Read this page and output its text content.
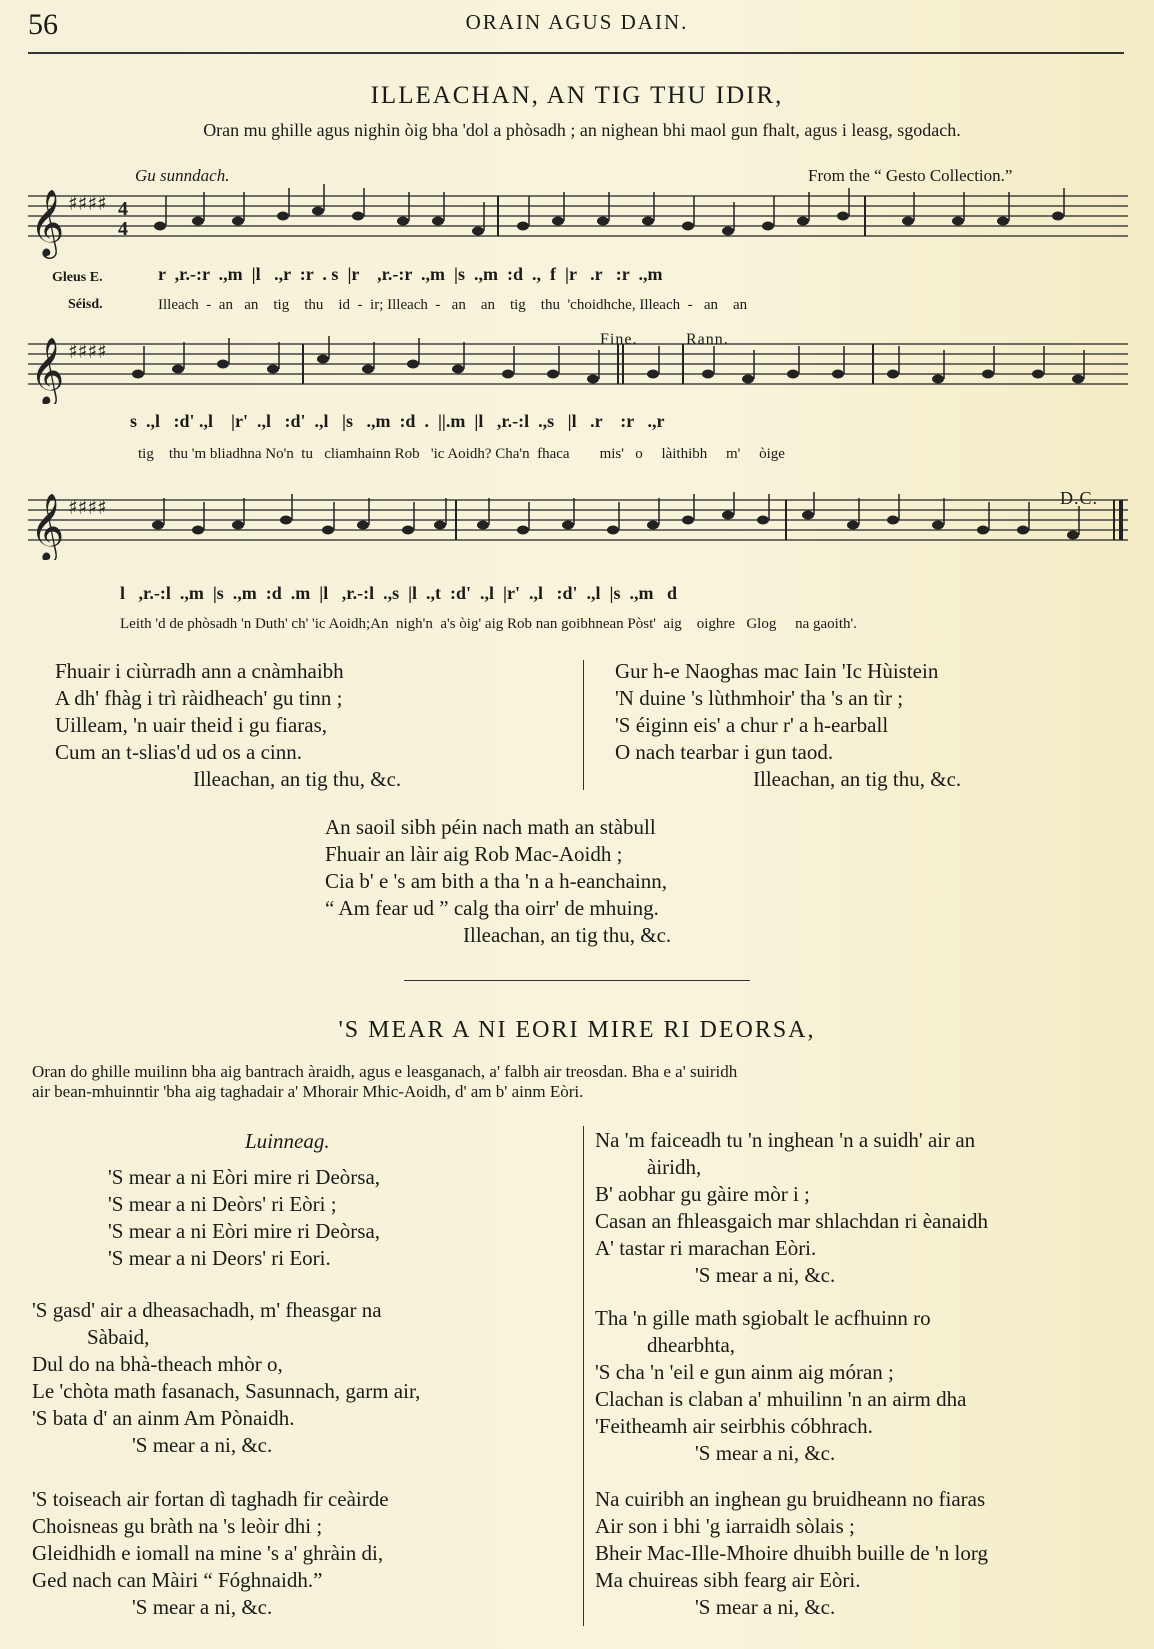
56	ORAIN AGUS DAIN.
ILLEACHAN, AN TIG THU IDIR,
Oran mu ghille agus nighin òig bha 'dol a phòsadh ; an nighean bhi maol gun fhalt, agus i leasg, sgodach.
Gu sunndach.	From the “ Gesto Collection.”
𝄞 ♯♯♯♯ 4
4
Gleus E.
Séisd.
r  ,r.-:r  .,m  |l   .,r  :r  . s  |r    ,r.-:r  .,m  |s  .,m  :d  .,  f  |r   .r   :r  .,m
Illeach  -  an   an    tig    thu    id  -  ir; Illeach  -   an    an    tig    thu  'choidhche, Illeach  -   an    an
Fine.	Rann.
𝄞 ♯♯♯♯
s  .,l   :d' .,l    |r'  .,l   :d'  .,l   |s   .,m  :d  .  ||.m  |l   ,r.-:l  .,s   |l   .r    :r   .,r
tig    thu 'm bliadhna No'n  tu   cliamhainn Rob   'ic Aoidh? Cha'n  fhaca        mis'   o     làithibh     m'     òige
D.C.
𝄞 ♯♯♯♯
l   ,r.-:l  .,m  |s  .,m  :d  .m  |l   ,r.-:l  .,s  |l  .,t  :d'  .,l  |r'  .,l   :d'  .,l  |s  .,m   d
Leith 'd de phòsadh 'n Duth' ch' 'ic Aoidh;An  nigh'n  a's òig' aig Rob nan goibhnean Pòst'  aig    oighre   Glog     na gaoith'.
Fhuair i ciùrradh ann a cnàmhaibh
A dh' fhàg i trì ràidheach' gu tinn ;
Uilleam, 'n uair theid i gu fiaras,
Cum an t-slias'd ud os a cinn.
Illeachan, an tig thu, &c.
Gur h-e Naoghas mac Iain 'Ic Hùistein
'N duine 's lùthmhoir' tha 's an tìr ;
'S éiginn eis' a chur r' a h-earball
O nach tearbar i gun taod.
Illeachan, an tig thu, &c.
An saoil sibh péin nach math an stàbull
Fhuair an làir aig Rob Mac-Aoidh ;
Cia b' e 's am bith a tha 'n a h-eanchainn,
“ Am fear ud ” calg tha oirr' de mhuing.
Illeachan, an tig thu, &c.
'S MEAR A NI EORI MIRE RI DEORSA,
Oran do ghille muilinn bha aig bantrach àraidh, agus e leasganach, a' falbh air treosdan. Bha e a' suiridh
air bean-mhuinntir 'bha aig taghadair a' Mhorair Mhic-Aoidh, d' am b' ainm Eòri.
Luinneag.
'S mear a ni Eòri mire ri Deòrsa,
'S mear a ni Deòrs' ri Eòri ;
'S mear a ni Eòri mire ri Deòrsa,
'S mear a ni Deors' ri Eori.
'S gasd' air a dheasachadh, m' fheasgar na
Sàbaid,
Dul do na bhà-theach mhòr o,
Le 'chòta math fasanach, Sasunnach, garm air,
'S bata d' an ainm Am Pònaidh.
'S mear a ni, &c.
'S toiseach air fortan dì taghadh fir ceàirde
Choisneas gu bràth na 's leòir dhi ;
Gleidhidh e iomall na mine 's a' ghràin di,
Ged nach can Màiri “ Fóghnaidh.”
'S mear a ni, &c.
Na 'm faiceadh tu 'n inghean 'n a suidh' air an
àiridh,
B' aobhar gu gàire mòr i ;
Casan an fhleasgaich mar shlachdan ri èanaidh
A' tastar ri marachan Eòri.
'S mear a ni, &c.
Tha 'n gille math sgiobalt le acfhuinn ro
dhearbhta,
'S cha 'n 'eil e gun ainm aig móran ;
Clachan is claban a' mhuilinn 'n an airm dha
'Feitheamh air seirbhis cóbhrach.
'S mear a ni, &c.
Na cuiribh an inghean gu bruidheann no fiaras
Air son i bhi 'g iarraidh sòlais ;
Bheir Mac-Ille-Mhoire dhuibh buille de 'n lorg
Ma chuireas sibh fearg air Eòri.
'S mear a ni, &c.
